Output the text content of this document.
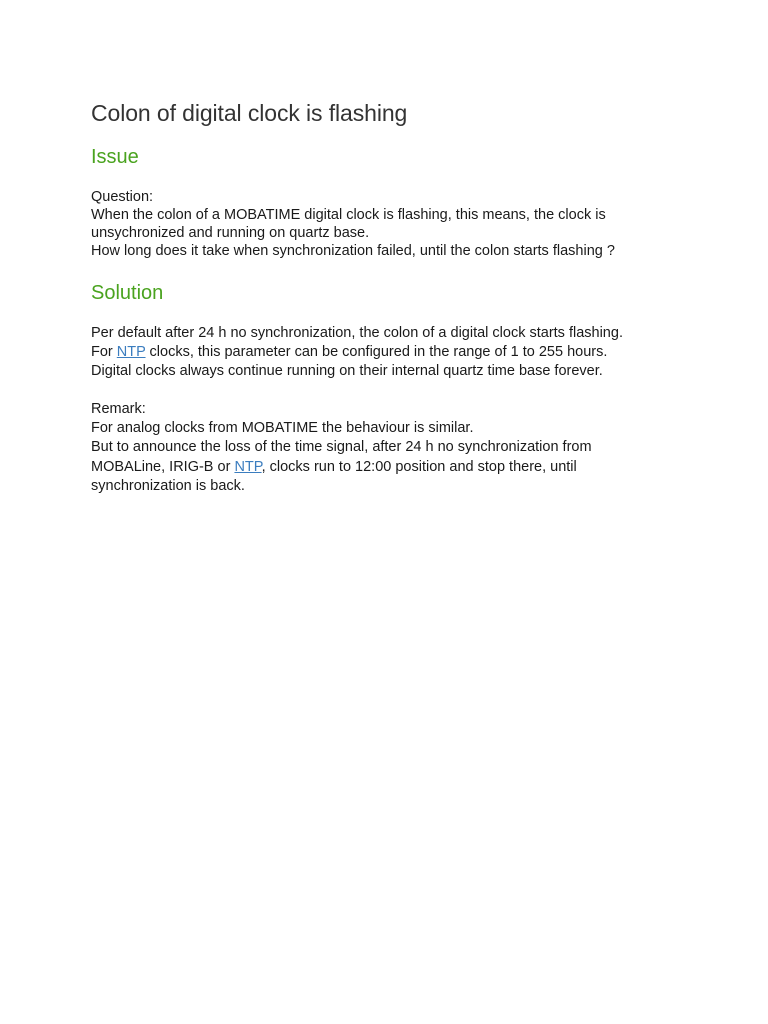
Colon of digital clock is flashing
Issue

Question:

When the colon of a MOBATIME digital clock is flashing, this means, the clock is

unsychronized and running on quartz base.

How long does it take when synchronization failed, until the colon starts flashing ?

Solution

Per default after 24 h no synchronization, the colon of a digital clock starts flashing.

For NTP clocks, this parameter can be configured in the range of 1 to 255 hours.

Digital clocks always continue running on their internal quartz time base forever.

Remark:

For analog clocks from MOBATIME the behaviour is similar.

But to announce the loss of the time signal, after 24 h no synchronization from

MOBALine, IRIG-B or NTP, clocks run to 12:00 position and stop there, until

synchronization is back.
